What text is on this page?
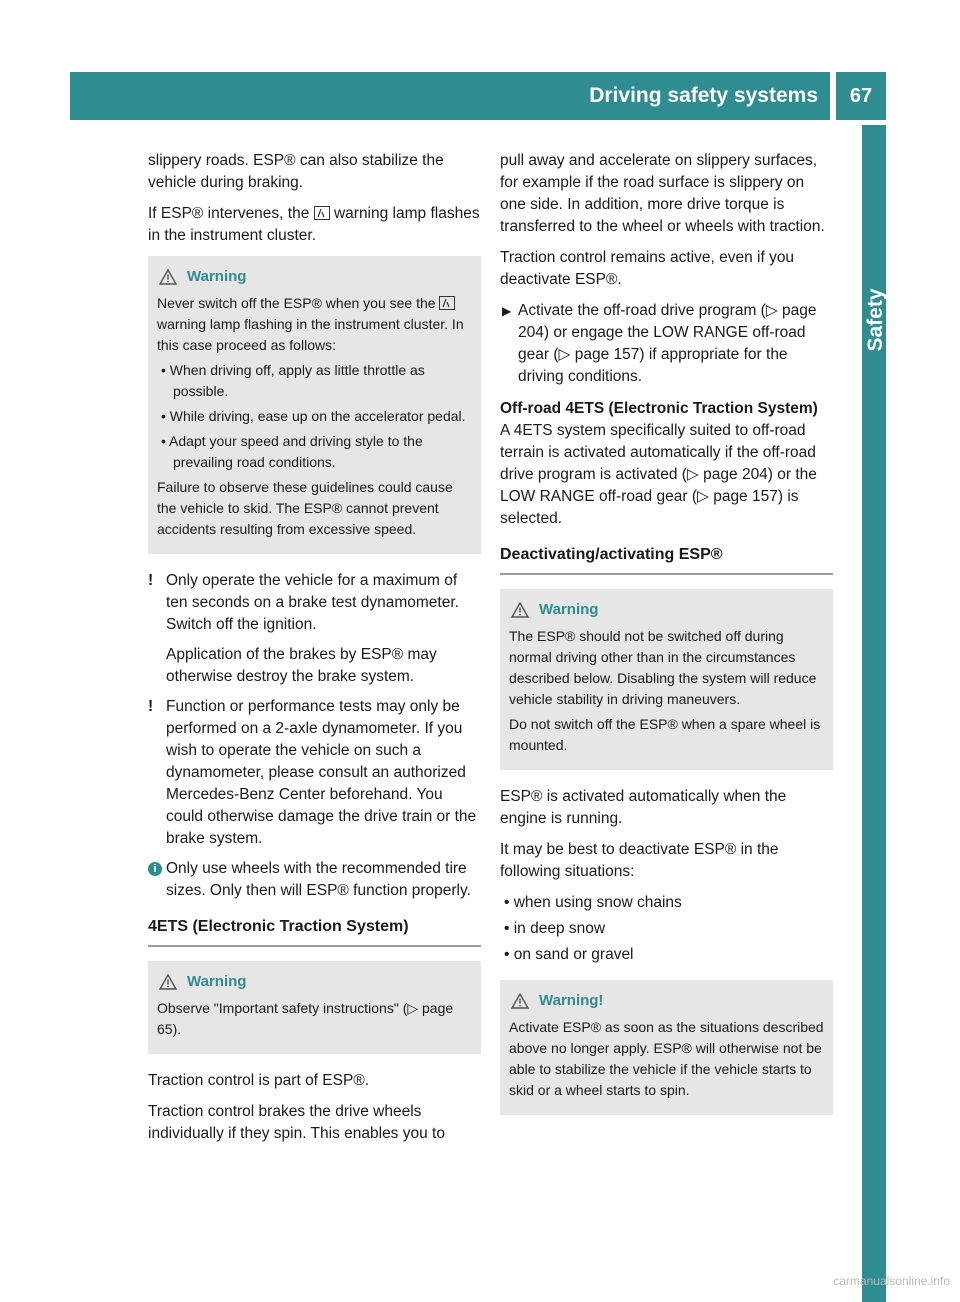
Driving safety systems	67
Safety

slippery roads. ESP® can also stabilize the vehicle during braking.

If ESP® intervenes, the  warning lamp flashes in the instrument cluster.

Warning

Never switch off the ESP® when you see the  warning lamp flashing in the instrument cluster. In this case proceed as follows:

• When driving off, apply as little throttle as possible.

• While driving, ease up on the accelerator pedal.

• Adapt your speed and driving style to the prevailing road conditions.

Failure to observe these guidelines could cause the vehicle to skid. The ESP® cannot prevent accidents resulting from excessive speed.

! Only operate the vehicle for a maximum of ten seconds on a brake test dynamometer. Switch off the ignition.

Application of the brakes by ESP® may otherwise destroy the brake system.

! Function or performance tests may only be performed on a 2-axle dynamometer. If you wish to operate the vehicle on such a dynamometer, please consult an authorized Mercedes-Benz Center beforehand. You could otherwise damage the drive train or the brake system.

i Only use wheels with the recommended tire sizes. Only then will ESP® function properly.

4ETS (Electronic Traction System)
Warning

Observe "Important safety instructions" (▷ page 65).

Traction control is part of ESP®.

Traction control brakes the drive wheels individually if they spin. This enables you to

pull away and accelerate on slippery surfaces, for example if the road surface is slippery on one side. In addition, more drive torque is transferred to the wheel or wheels with traction.

Traction control remains active, even if you deactivate ESP®.

▶ Activate the off-road drive program (▷ page 204) or engage the LOW RANGE off-road gear (▷ page 157) if appropriate for the driving conditions.

Off-road 4ETS (Electronic Traction System)

A 4ETS system specifically suited to off-road terrain is activated automatically if the off-road drive program is activated (▷ page 204) or the LOW RANGE off-road gear (▷ page 157) is selected.

Deactivating/activating ESP®
Warning

The ESP® should not be switched off during normal driving other than in the circumstances described below. Disabling the system will reduce vehicle stability in driving maneuvers.

Do not switch off the ESP® when a spare wheel is mounted.

ESP® is activated automatically when the engine is running.

It may be best to deactivate ESP® in the following situations:

• when using snow chains

• in deep snow

• on sand or gravel

Warning!

Activate ESP® as soon as the situations described above no longer apply. ESP® will otherwise not be able to stabilize the vehicle if the vehicle starts to skid or a wheel starts to spin.

carmanualsonline.info
